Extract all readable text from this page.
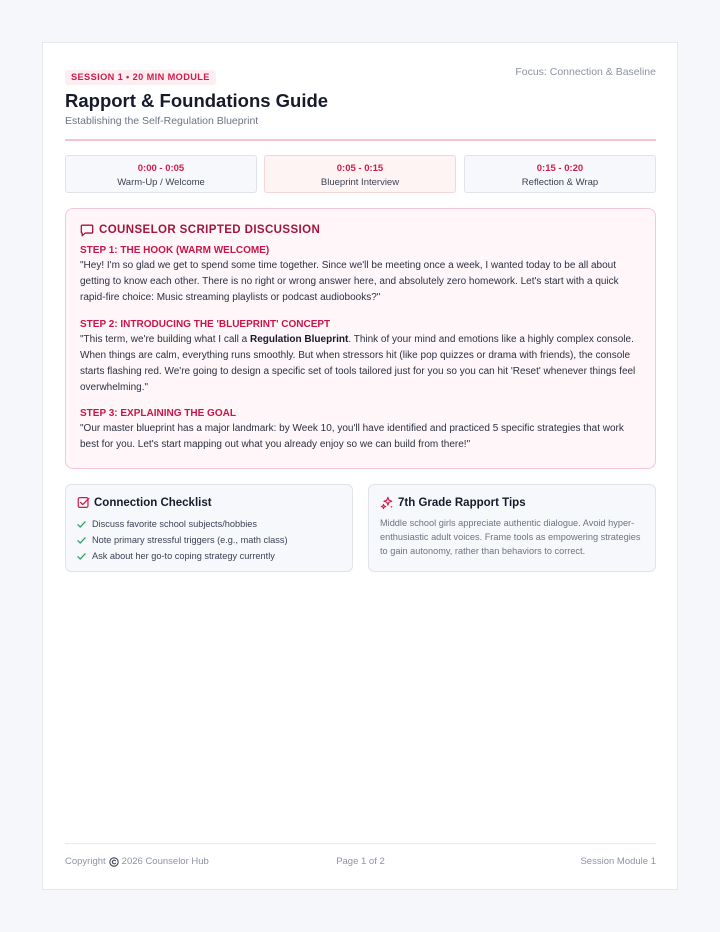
SESSION 1 • 20 MIN MODULE	Focus: Connection & Baseline
Rapport & Foundations Guide
Establishing the Self-Regulation Blueprint
0:00 - 0:05
Warm-Up / Welcome
0:05 - 0:15
Blueprint Interview
0:15 - 0:20
Reflection & Wrap
COUNSELOR SCRIPTED DISCUSSION
STEP 1: THE HOOK (WARM WELCOME)
"Hey! I'm so glad we get to spend some time together. Since we'll be meeting once a week, I wanted today to be all about getting to know each other. There is no right or wrong answer here, and absolutely zero homework. Let's start with a quick rapid-fire choice: Music streaming playlists or podcast audiobooks?"
STEP 2: INTRODUCING THE 'BLUEPRINT' CONCEPT
"This term, we're building what I call a Regulation Blueprint. Think of your mind and emotions like a highly complex console. When things are calm, everything runs smoothly. But when stressors hit (like pop quizzes or drama with friends), the console starts flashing red. We're going to design a specific set of tools tailored just for you so you can hit 'Reset' whenever things feel overwhelming."
STEP 3: EXPLAINING THE GOAL
"Our master blueprint has a major landmark: by Week 10, you'll have identified and practiced 5 specific strategies that work best for you. Let's start mapping out what you already enjoy so we can build from there!"
Connection Checklist
Discuss favorite school subjects/hobbies
Note primary stressful triggers (e.g., math class)
Ask about her go-to coping strategy currently
7th Grade Rapport Tips
Middle school girls appreciate authentic dialogue. Avoid hyper-enthusiastic adult voices. Frame tools as empowering strategies to gain autonomy, rather than behaviors to correct.
Copyright 2026 Counselor Hub	Page 1 of 2	Session Module 1
